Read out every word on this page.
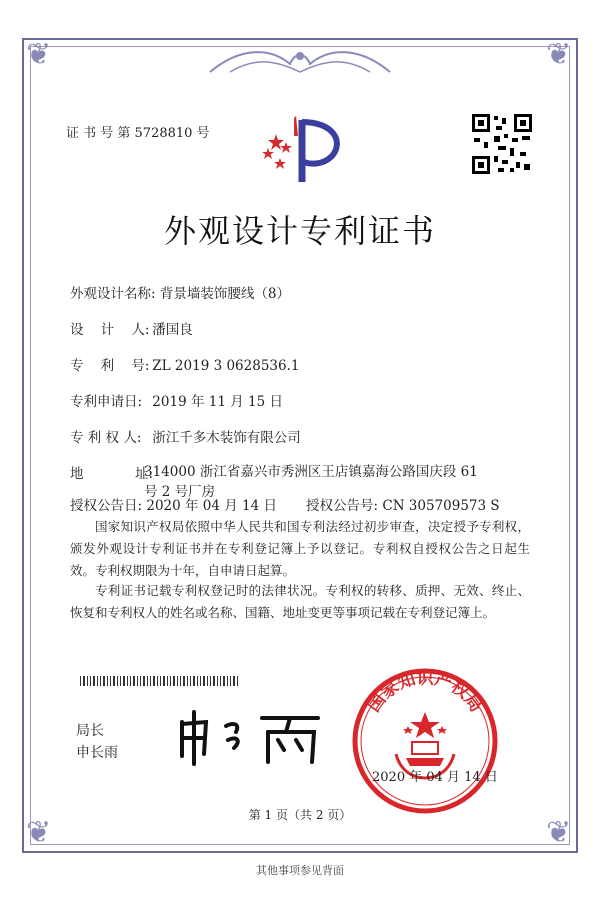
❦	❦
❦	❦
证 书 号 第 5728810 号
外观设计专利证书
外观设计名称: 背景墙装饰腰线（8）
设    计    人: 潘国良
专    利    号: ZL 2019 3 0628536.1
专利申请日: 2019 年 11 月 15 日
专 利 权 人: 浙江千多木装饰有限公司
地            址:
314000 浙江省嘉兴市秀洲区王店镇嘉海公路国庆段 61 号 2 号厂房
授权公告日: 2020 年 04 月 14 日 授权公告号: CN 305709573 S
国家知识产权局依照中华人民共和国专利法经过初步审查，决定授予专利权，颁发外观设计专利证书并在专利登记簿上予以登记。专利权自授权公告之日起生效。专利权期限为十年，自申请日起算。
专利证书记载专利权登记时的法律状况。专利权的转移、质押、无效、终止、恢复和专利权人的姓名或名称、国籍、地址变更等事项记载在专利登记簿上。
局长
申长雨
国家知识产权局
2020 年 04 月 14 日
第 1 页（共 2 页）
其他事项参见背面
